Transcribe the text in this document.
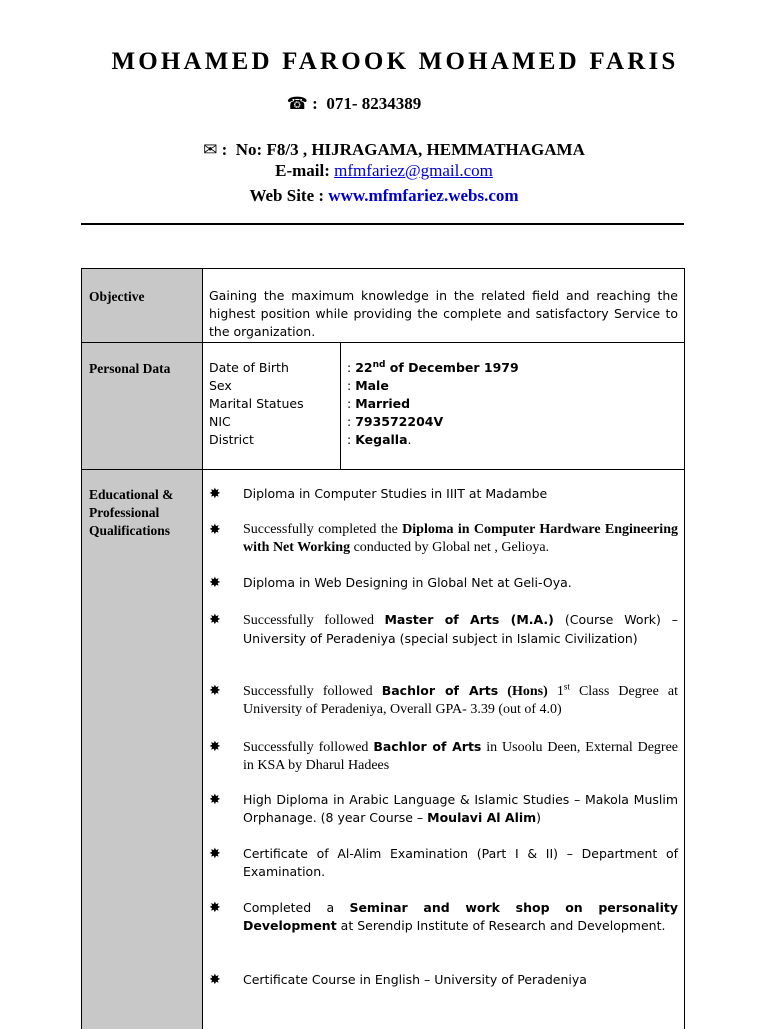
MOHAMED FAROOK MOHAMED FARIS
☎ : 071- 8234389
✉ : No: F8/3 , HIJRAGAMA, HEMMATHAGAMA
E-mail: mfmfariez@gmail.com
Web Site : www.mfmfariez.webs.com
Objective	Gaining the maximum knowledge in the related field and reaching the highest position while providing the complete and satisfactory Service to the organization.
Personal Data	Date of Birth
Sex
Marital Statues
NIC
District
: 22nd of December 1979
: Male
: Married
: 793572204V
: Kegalla.
Educational & Professional Qualifications
✸ Diploma in Computer Studies in IIIT at Madambe
✸ Successfully completed the Diploma in Computer Hardware Engineering with Net Working conducted by Global net , Gelioya.
✸ Diploma in Web Designing in Global Net at Geli-Oya.
✸ Successfully followed Master of Arts (M.A.) (Course Work) – University of Peradeniya (special subject in Islamic Civilization)
✸ Successfully followed Bachlor of Arts (Hons) 1st Class Degree at University of Peradeniya, Overall GPA- 3.39 (out of 4.0)
✸ Successfully followed Bachlor of Arts in Usoolu Deen, External Degree in KSA by Dharul Hadees
✸ High Diploma in Arabic Language & Islamic Studies – Makola Muslim Orphanage. (8 year Course – Moulavi Al Alim)
✸ Certificate of Al-Alim Examination (Part I & II) – Department of Examination.
✸ Completed a Seminar and work shop on personality Development at Serendip Institute of Research and Development.
✸ Certificate Course in English – University of Peradeniya
